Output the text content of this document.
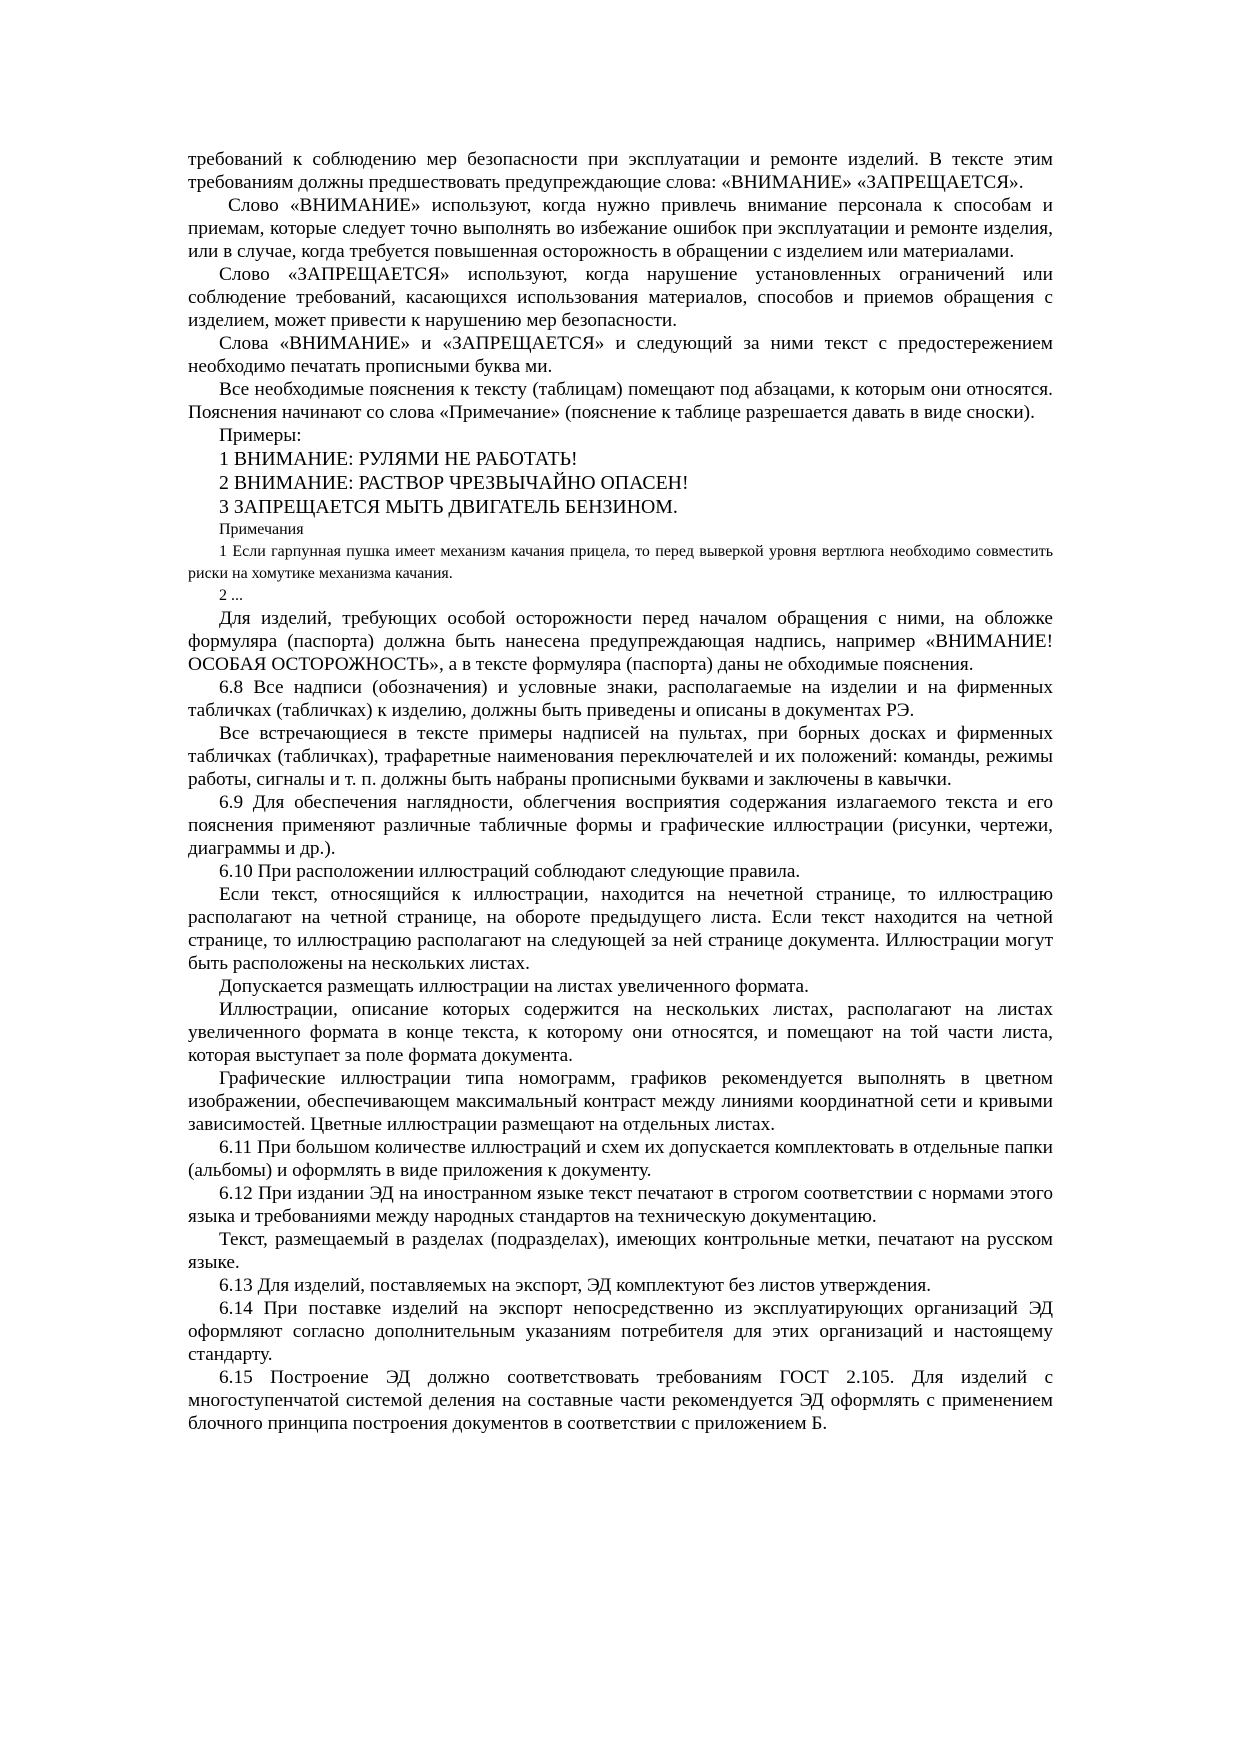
требований к соблюдению мер безопасности при эксплуатации и ремонте изделий. В тексте этим требованиям должны предшествовать предупреждающие слова: «ВНИМАНИЕ» «ЗАПРЕЩАЕТСЯ».

Слово «ВНИМАНИЕ» используют, когда нужно привлечь внимание персонала к способам и приемам, которые следует точно выполнять во избежание ошибок при эксплуатации и ремонте изделия, или в случае, когда требуется повышенная осторожность в обращении с изделием или материалами.

Слово «ЗАПРЕЩАЕТСЯ» используют, когда нарушение установленных ограничений или соблюдение требований, касающихся использования материалов, способов и приемов обращения с изделием, может привести к нарушению мер безопасности.

Слова «ВНИМАНИЕ» и «ЗАПРЕЩАЕТСЯ» и следующий за ними текст с предостережением необходимо печатать прописными буква ми.

Все необходимые пояснения к тексту (таблицам) помещают под абзацами, к которым они относятся. Пояснения начинают со слова «Примечание» (пояснение к таблице разрешается давать в виде сноски).

Примеры:

1 ВНИМАНИЕ: РУЛЯМИ НЕ РАБОТАТЬ!

2 ВНИМАНИЕ: РАСТВОР ЧРЕЗВЫЧАЙНО ОПАСЕН!

3 ЗАПРЕЩАЕТСЯ МЫТЬ ДВИГАТЕЛЬ БЕНЗИНОМ.

Примечания

1 Если гарпунная пушка имеет механизм качания прицела, то перед выверкой уровня вертлюга необходимо совместить риски на хомутике механизма качания.

2 ...

Для изделий, требующих особой осторожности перед началом обращения с ними, на обложке формуляра (паспорта) должна быть нанесена предупреждающая надпись, например «ВНИМАНИЕ! ОСОБАЯ ОСТОРОЖНОСТЬ», а в тексте формуляра (паспорта) даны не обходимые пояснения.

6.8 Все надписи (обозначения) и условные знаки, располагаемые на изделии и на фирменных табличках (табличках) к изделию, должны быть приведены и описаны в документах РЭ.

Все встречающиеся в тексте примеры надписей на пультах, при борных досках и фирменных табличках (табличках), трафаретные наименования переключателей и их положений: команды, режимы работы, сигналы и т. п. должны быть набраны прописными буквами и заключены в кавычки.

6.9 Для обеспечения наглядности, облегчения восприятия содержания излагаемого текста и его пояснения применяют различные табличные формы и графические иллюстрации (рисунки, чертежи, диаграммы и др.).

6.10 При расположении иллюстраций соблюдают следующие правила.

Если текст, относящийся к иллюстрации, находится на нечетной странице, то иллюстрацию располагают на четной странице, на обороте предыдущего листа. Если текст находится на четной странице, то иллюстрацию располагают на следующей за ней странице документа. Иллюстрации могут быть расположены на нескольких листах.

Допускается размещать иллюстрации на листах увеличенного формата.

Иллюстрации, описание которых содержится на нескольких листах, располагают на листах увеличенного формата в конце текста, к которому они относятся, и помещают на той части листа, которая выступает за поле формата документа.

Графические иллюстрации типа номограмм, графиков рекомендуется выполнять в цветном изображении, обеспечивающем максимальный контраст между линиями координатной сети и кривыми зависимостей. Цветные иллюстрации размещают на отдельных листах.

6.11 При большом количестве иллюстраций и схем их допускается комплектовать в отдельные папки (альбомы) и оформлять в виде приложения к документу.

6.12 При издании ЭД на иностранном языке текст печатают в строгом соответствии с нормами этого языка и требованиями между народных стандартов на техническую документацию.

Текст, размещаемый в разделах (подразделах), имеющих контрольные метки, печатают на русском языке.

6.13 Для изделий, поставляемых на экспорт, ЭД комплектуют без листов утверждения.

6.14 При поставке изделий на экспорт непосредственно из эксплуатирующих организаций ЭД оформляют согласно дополнительным указаниям потребителя для этих организаций и настоящему стандарту.

6.15 Построение ЭД должно соответствовать требованиям ГОСТ 2.105. Для изделий с многоступенчатой системой деления на составные части рекомендуется ЭД оформлять с применением блочного принципа построения документов в соответствии с приложением Б.
